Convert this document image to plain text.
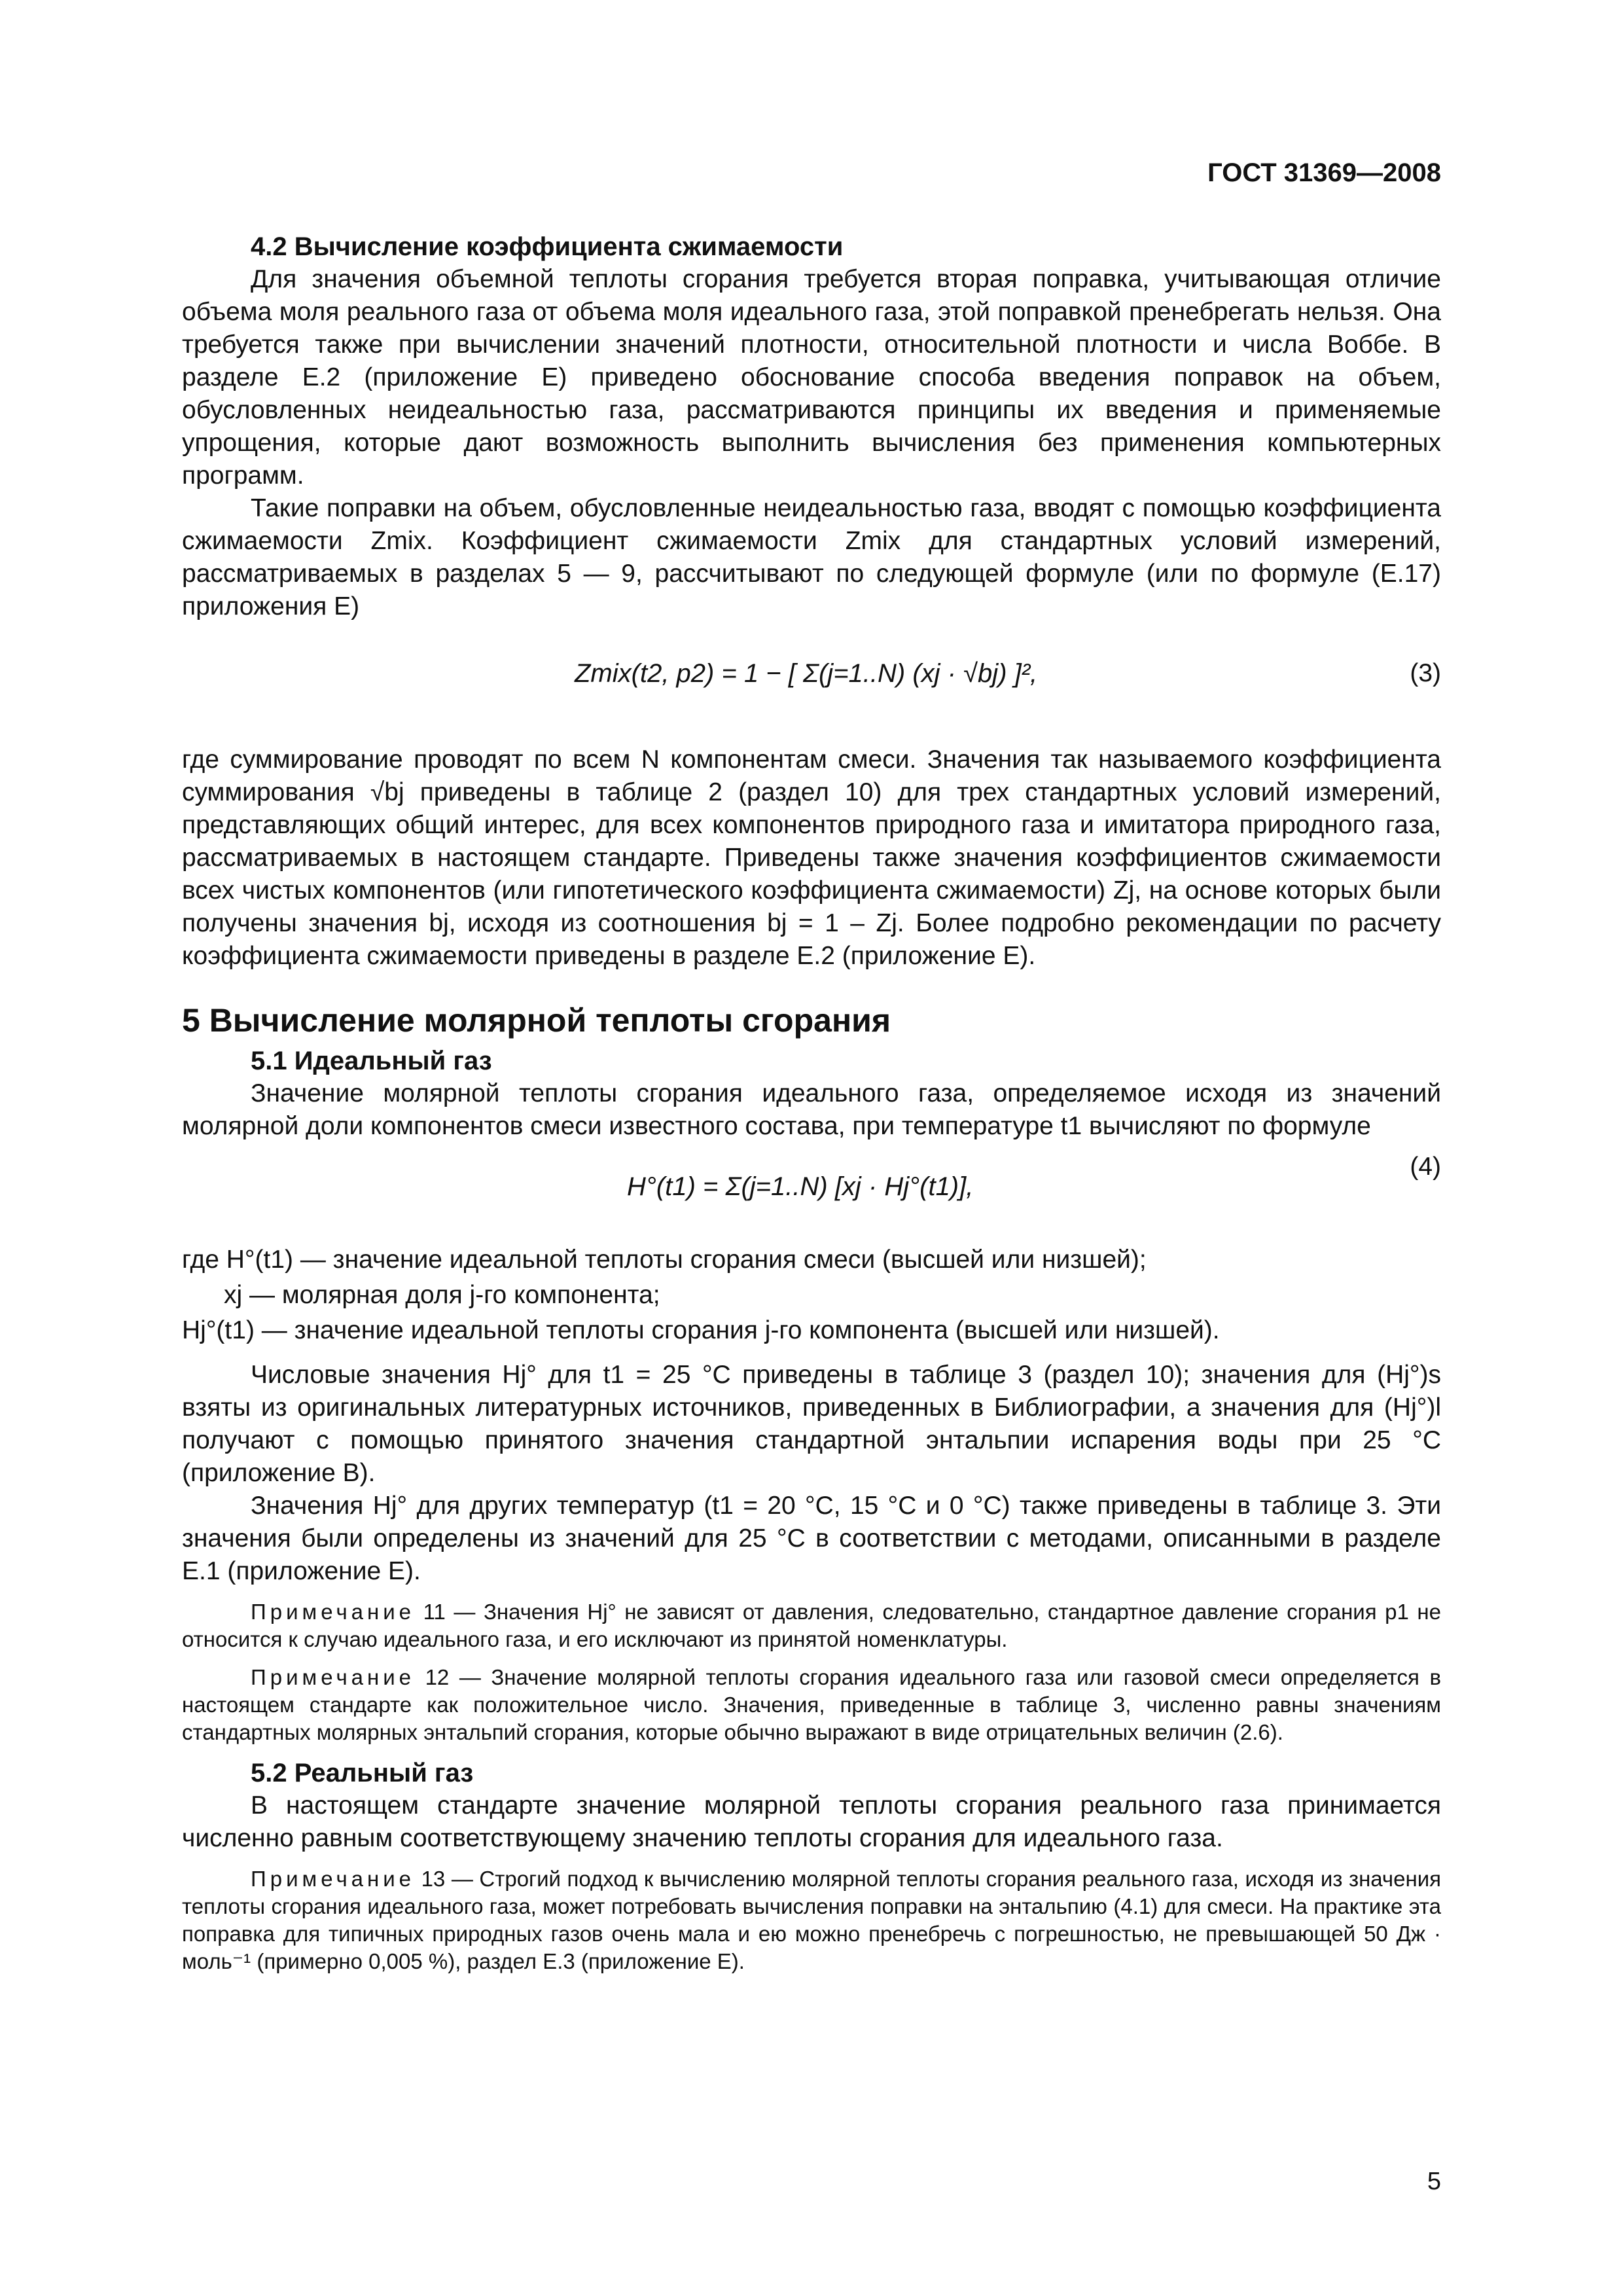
ГОСТ 31369—2008

4.2 Вычисление коэффициента сжимаемости

Для значения объемной теплоты сгорания требуется вторая поправка, учитывающая отличие объема моля реального газа от объема моля идеального газа, этой поправкой пренебрегать нельзя. Она требуется также при вычислении значений плотности, относительной плотности и числа Воббе. В разделе Е.2 (приложение Е) приведено обоснование способа введения поправок на объем, обусловленных неидеальностью газа, рассматриваются принципы их введения и применяемые упрощения, которые дают возможность выполнить вычисления без применения компьютерных программ.

Такие поправки на объем, обусловленные неидеальностью газа, вводят с помощью коэффициента сжимаемости Zmix. Коэффициент сжимаемости Zmix для стандартных условий измерений, рассматриваемых в разделах 5 — 9, рассчитывают по следующей формуле (или по формуле (Е.17) приложения Е)

Zmix(t2, p2) = 1 − [ Σ(j=1..N) (xj · √bj) ]²,	(3)

где суммирование проводят по всем N компонентам смеси. Значения так называемого коэффициента суммирования √bj приведены в таблице 2 (раздел 10) для трех стандартных условий измерений, представляющих общий интерес, для всех компонентов природного газа и имитатора природного газа, рассматриваемых в настоящем стандарте. Приведены также значения коэффициентов сжимаемости всех чистых компонентов (или гипотетического коэффициента сжимаемости) Zj, на основе которых были получены значения bj, исходя из соотношения bj = 1 – Zj. Более подробно рекомендации по расчету коэффициента сжимаемости приведены в разделе Е.2 (приложение Е).

5 Вычисление молярной теплоты сгорания

5.1 Идеальный газ

Значение молярной теплоты сгорания идеального газа, определяемое исходя из значений молярной доли компонентов смеси известного состава, при температуре t1 вычисляют по формуле

H°(t1) = Σ(j=1..N) [xj · Hj°(t1)],
(4)
где H°(t1) — значение идеальной теплоты сгорания смеси (высшей или низшей);
xj — молярная доля j-го компонента;
Hj°(t1) — значение идеальной теплоты сгорания j-го компонента (высшей или низшей).

Числовые значения Hj° для t1 = 25 °С приведены в таблице 3 (раздел 10); значения для (Hj°)s взяты из оригинальных литературных источников, приведенных в Библиографии, а значения для (Hj°)l получают с помощью принятого значения стандартной энтальпии испарения воды при 25 °С (приложение В).

Значения Hj° для других температур (t1 = 20 °С, 15 °С и 0 °С) также приведены в таблице 3. Эти значения были определены из значений для 25 °С в соответствии с методами, описанными в разделе Е.1 (приложение Е).

Примечание 11 — Значения Hj° не зависят от давления, следовательно, стандартное давление сгорания p1 не относится к случаю идеального газа, и его исключают из принятой номенклатуры.

Примечание 12 — Значение молярной теплоты сгорания идеального газа или газовой смеси определяется в настоящем стандарте как положительное число. Значения, приведенные в таблице 3, численно равны значениям стандартных молярных энтальпий сгорания, которые обычно выражают в виде отрицательных величин (2.6).

5.2 Реальный газ

В настоящем стандарте значение молярной теплоты сгорания реального газа принимается численно равным соответствующему значению теплоты сгорания для идеального газа.

Примечание 13 — Строгий подход к вычислению молярной теплоты сгорания реального газа, исходя из значения теплоты сгорания идеального газа, может потребовать вычисления поправки на энтальпию (4.1) для смеси. На практике эта поправка для типичных природных газов очень мала и ею можно пренебречь с погрешностью, не превышающей 50 Дж · моль⁻¹ (примерно 0,005 %), раздел Е.3 (приложение Е).

5
